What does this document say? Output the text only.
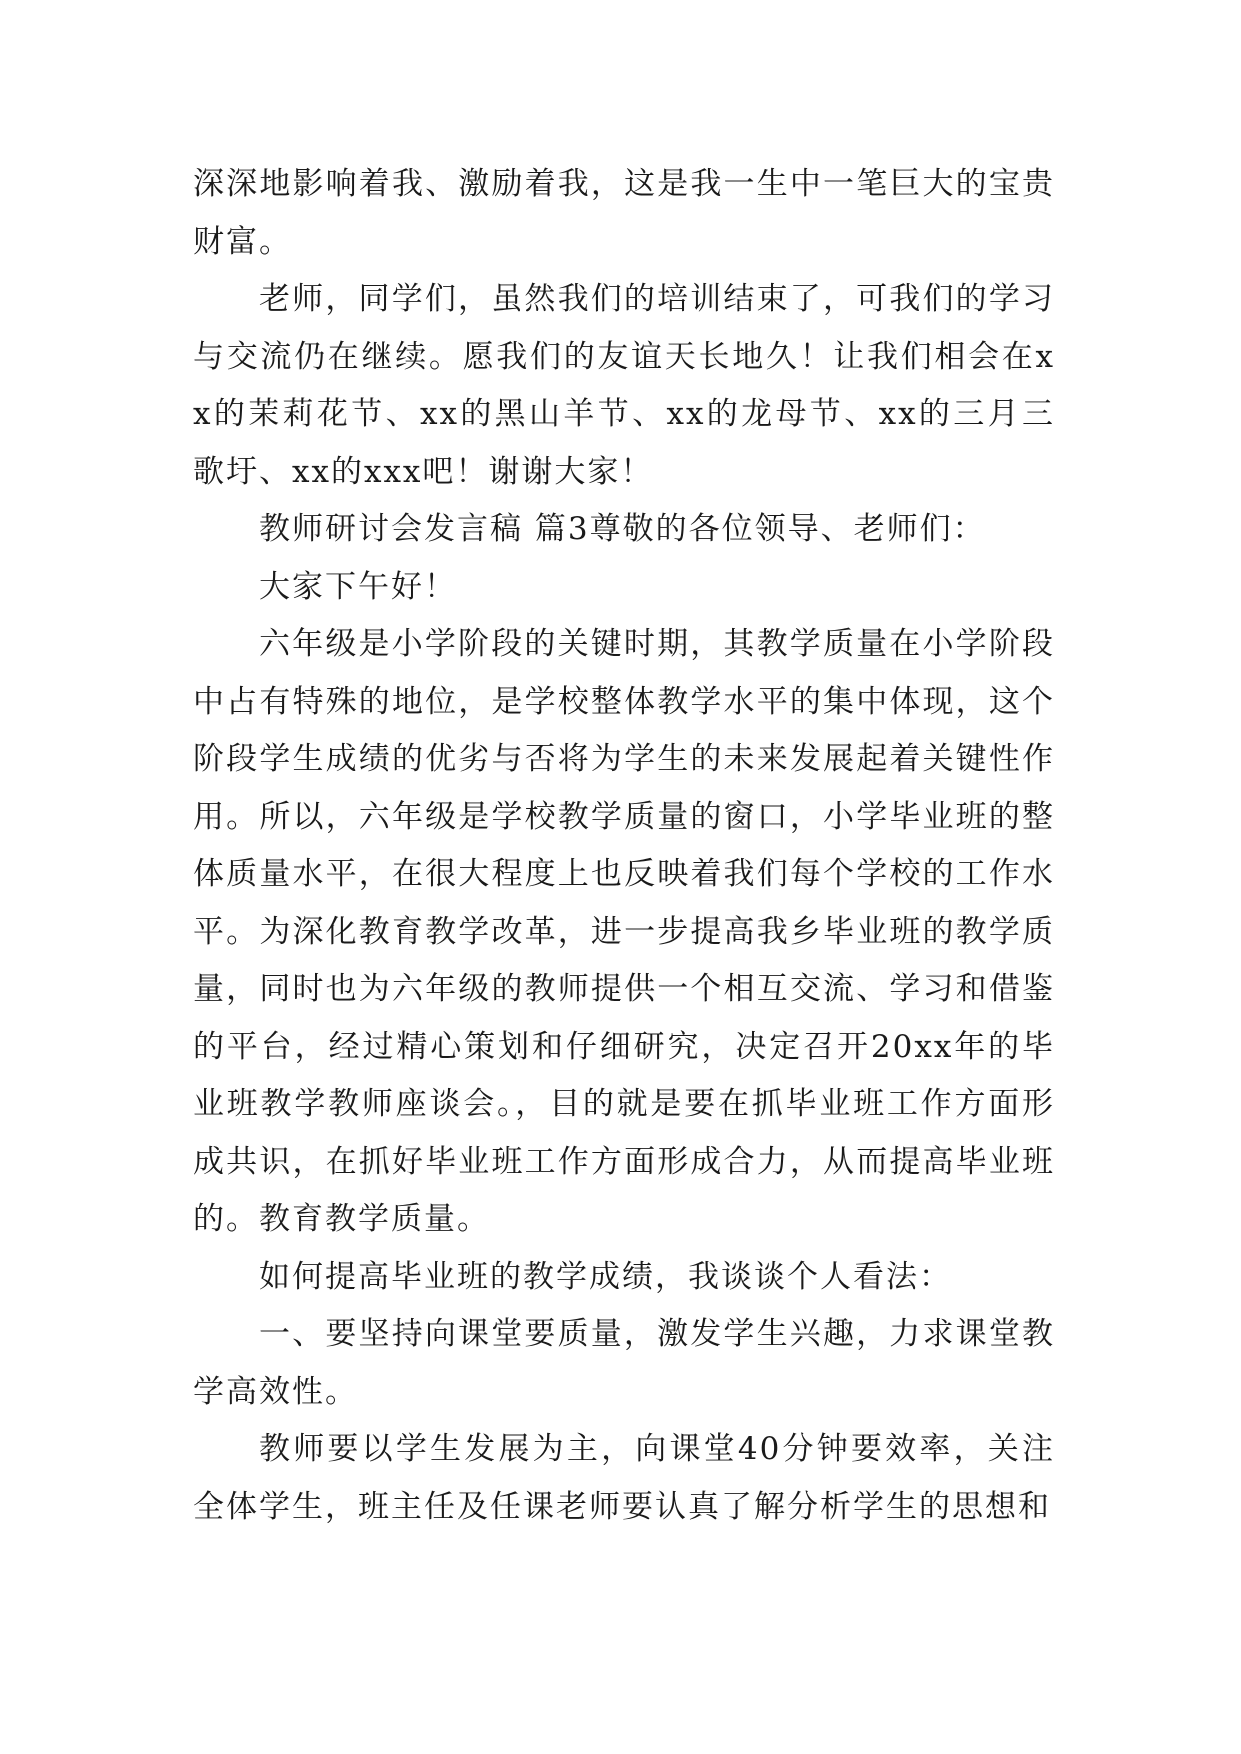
深深地影响着我、激励着我，这是我一生中一笔巨大的宝贵财富。

老师，同学们，虽然我们的培训结束了，可我们的学习与交流仍在继续。愿我们的友谊天长地久！让我们相会在xx的茉莉花节、xx的黑山羊节、xx的龙母节、xx的三月三歌圩、xx的xxx吧！谢谢大家！

教师研讨会发言稿 篇3尊敬的各位领导、老师们：

大家下午好！

六年级是小学阶段的关键时期，其教学质量在小学阶段中占有特殊的地位，是学校整体教学水平的集中体现，这个阶段学生成绩的优劣与否将为学生的未来发展起着关键性作用。所以，六年级是学校教学质量的窗口，小学毕业班的整体质量水平，在很大程度上也反映着我们每个学校的工作水平。为深化教育教学改革，进一步提高我乡毕业班的教学质量，同时也为六年级的教师提供一个相互交流、学习和借鉴的平台，经过精心策划和仔细研究，决定召开20xx年的毕业班教学教师座谈会。，目的就是要在抓毕业班工作方面形成共识，在抓好毕业班工作方面形成合力，从而提高毕业班的。教育教学质量。

如何提高毕业班的教学成绩，我谈谈个人看法：

一、要坚持向课堂要质量，激发学生兴趣，力求课堂教学高效性。

教师要以学生发展为主，向课堂40分钟要效率，关注全体学生，班主任及任课老师要认真了解分析学生的思想和
